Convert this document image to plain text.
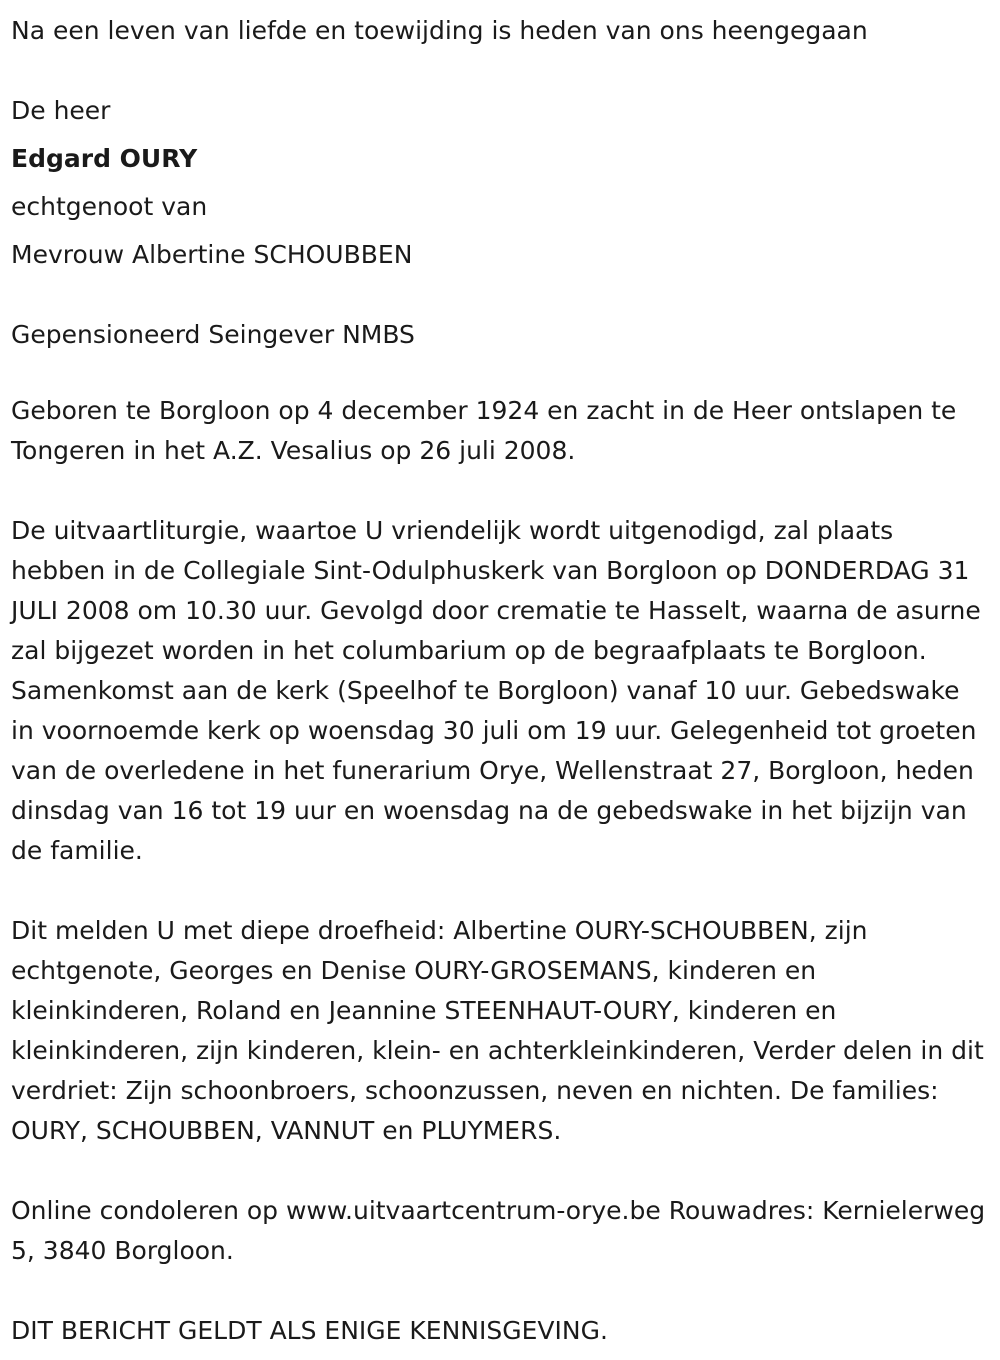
Na een leven van liefde en toewijding is heden van ons heengegaan

De heer

Edgard OURY

echtgenoot van

Mevrouw Albertine SCHOUBBEN

Gepensioneerd Seingever NMBS

Geboren te Borgloon op 4 december 1924 en zacht in de Heer ontslapen te Tongeren in het A.Z. Vesalius op 26 juli 2008.

De uitvaartliturgie, waartoe U vriendelijk wordt uitgenodigd, zal plaats hebben in de Collegiale Sint-Odulphuskerk van Borgloon op DONDERDAG 31 JULI 2008 om 10.30 uur. Gevolgd door crematie te Hasselt, waarna de asurne zal bijgezet worden in het columbarium op de begraafplaats te Borgloon. Samenkomst aan de kerk (Speelhof te Borgloon) vanaf 10 uur. Gebedswake in voornoemde kerk op woensdag 30 juli om 19 uur. Gelegenheid tot groeten van de overledene in het funerarium Orye, Wellenstraat 27, Borgloon, heden dinsdag van 16 tot 19 uur en woensdag na de gebedswake in het bijzijn van de familie.

Dit melden U met diepe droefheid: Albertine OURY-SCHOUBBEN, zijn echtgenote, Georges en Denise OURY-GROSEMANS, kinderen en kleinkinderen, Roland en Jeannine STEENHAUT-OURY, kinderen en kleinkinderen, zijn kinderen, klein- en achterkleinkinderen, Verder delen in dit verdriet: Zijn schoonbroers, schoonzussen, neven en nichten. De families: OURY, SCHOUBBEN, VANNUT en PLUYMERS.

Online condoleren op www.uitvaartcentrum-orye.be Rouwadres: Kernielerweg 5, 3840 Borgloon.

DIT BERICHT GELDT ALS ENIGE KENNISGEVING.
